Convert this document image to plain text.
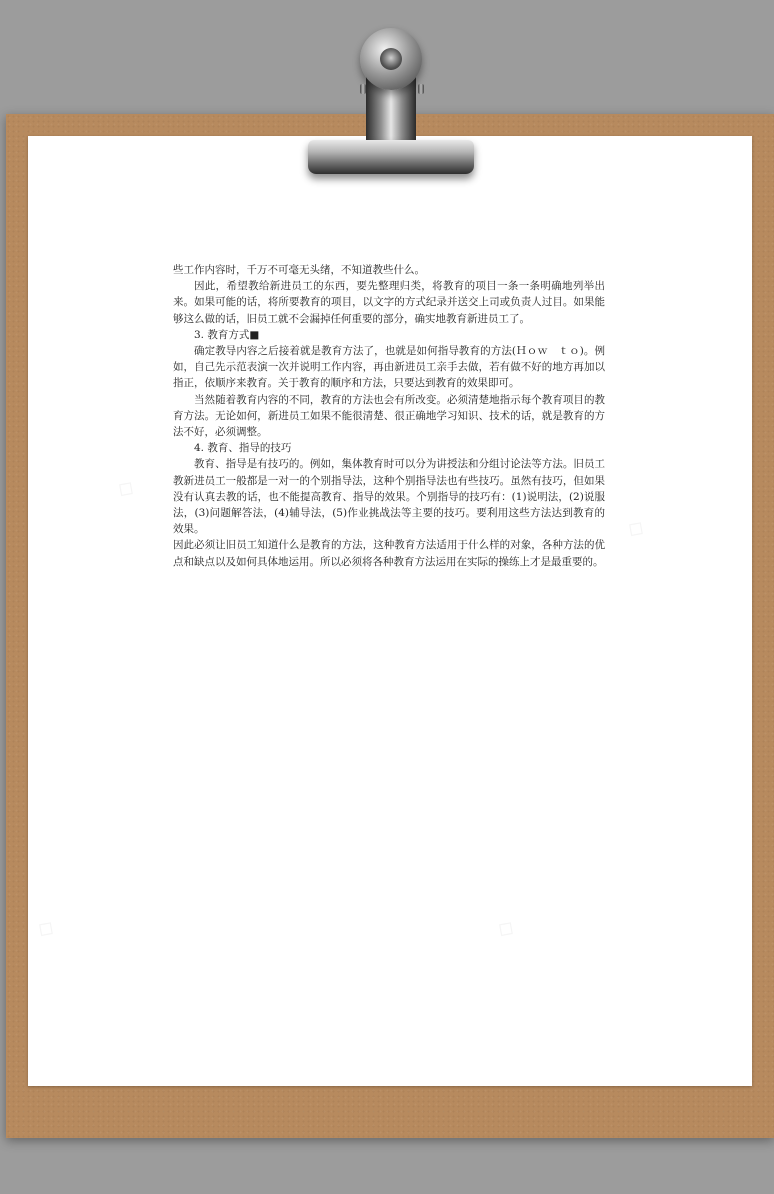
◇
◇
◇	◇

些工作内容时，千万不可毫无头绪，不知道教些什么。

因此，希望教给新进员工的东西，要先整理归类，将教育的项目一条一条明确地列举出来。如果可能的话，将所要教育的项目，以文字的方式纪录并送交上司或负责人过目。如果能够这么做的话，旧员工就不会漏掉任何重要的部分，确实地教育新进员工了。

3. 教育方式■

确定教导内容之后接着就是教育方法了，也就是如何指导教育的方法(Ｈｏｗ　ｔｏ)。例如，自己先示范表演一次并说明工作内容，再由新进员工亲手去做，若有做不好的地方再加以指正，依顺序来教育。关于教育的顺序和方法，只要达到教育的效果即可。

当然随着教育内容的不同，教育的方法也会有所改变。必须清楚地指示每个教育项目的教育方法。无论如何，新进员工如果不能很清楚、很正确地学习知识、技术的话，就是教育的方法不好，必须调整。

4. 教育、指导的技巧

教育、指导是有技巧的。例如，集体教育时可以分为讲授法和分组讨论法等方法。旧员工教新进员工一般都是一对一的个别指导法，这种个别指导法也有些技巧。虽然有技巧，但如果没有认真去教的话，也不能提高教育、指导的效果。个别指导的技巧有：(1)说明法，(2)说服法，(3)问题解答法，(4)辅导法，(5)作业挑战法等主要的技巧。要利用这些方法达到教育的效果。

因此必须让旧员工知道什么是教育的方法，这种教育方法适用于什么样的对象，各种方法的优点和缺点以及如何具体地运用。所以必须将各种教育方法运用在实际的操练上才是最重要的。
